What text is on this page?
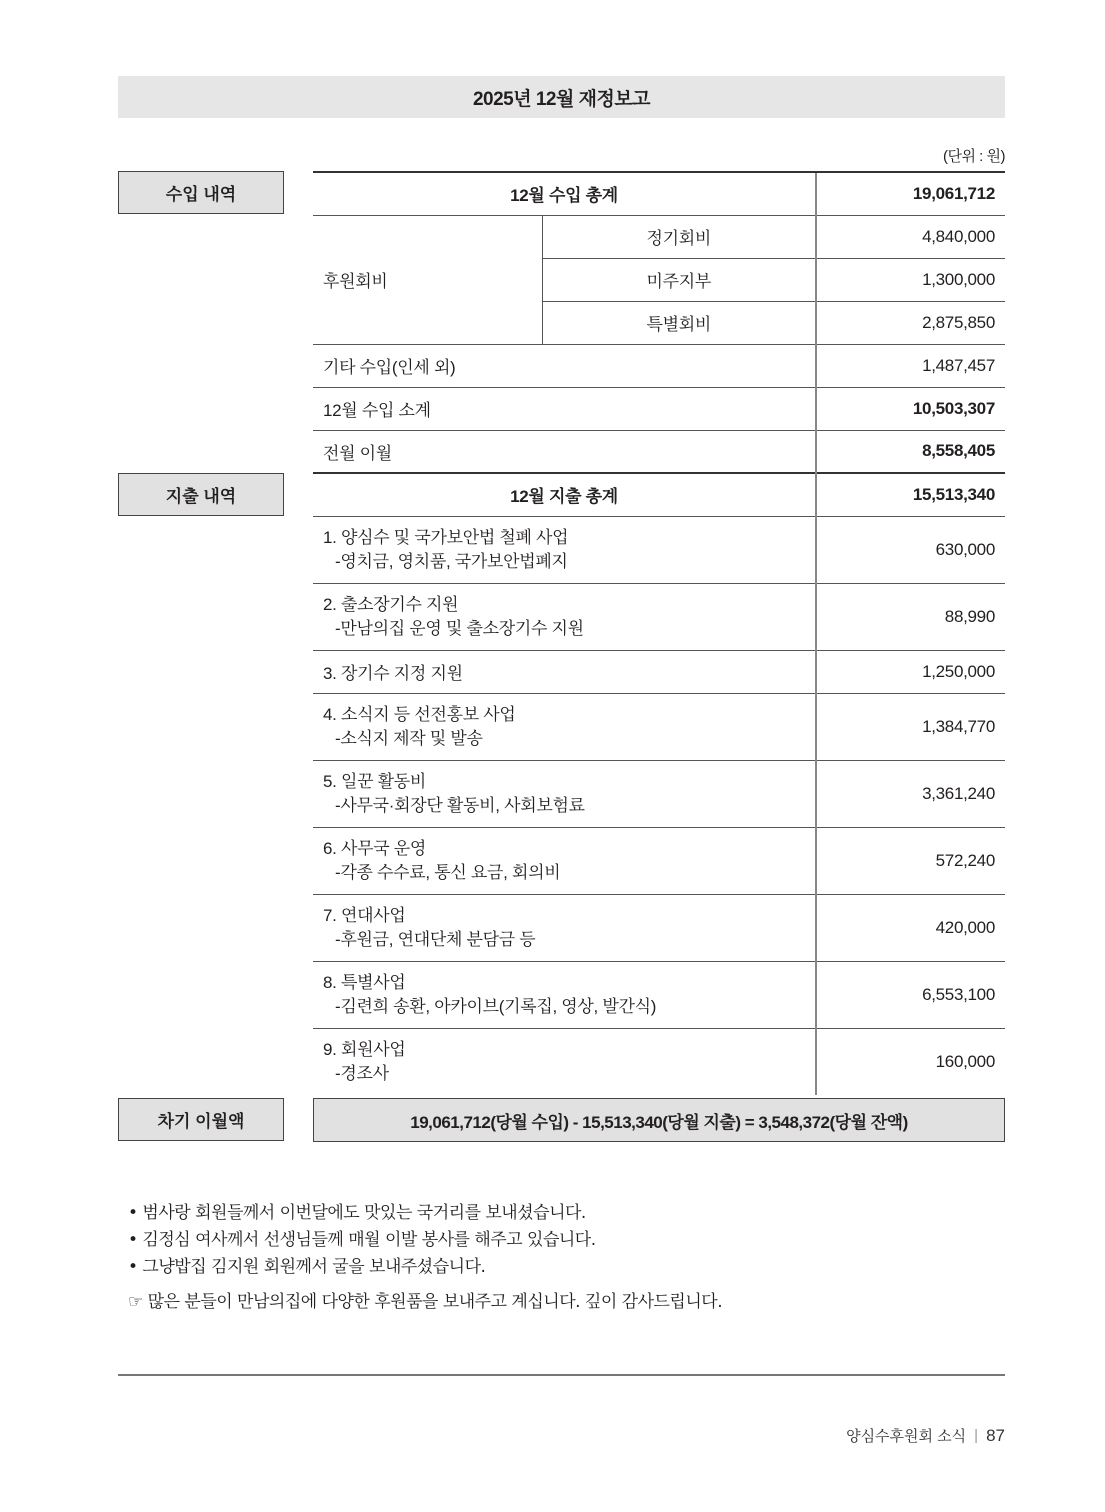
2025년 12월 재정보고
(단위 : 원)
수입 내역
지출 내역
차기 이월액
12월 수입 총계		19,061,712
후원회비	정기회비	4,840,000
	미주지부	1,300,000
	특별회비	2,875,850
기타 수입(인세 외)		1,487,457
12월 수입 소계		10,503,307
전월 이월		8,558,405
12월 지출 총계		15,513,340
1. 양심수 및 국가보안법 철폐 사업
-영치금, 영치품, 국가보안법폐지		630,000
2. 출소장기수 지원
-만남의집 운영 및 출소장기수 지원		88,990
3. 장기수 지정 지원		1,250,000
4. 소식지 등 선전홍보 사업
-소식지 제작 및 발송		1,384,770
5. 일꾼 활동비
-사무국·회장단 활동비, 사회보험료		3,361,240
6. 사무국 운영
-각종 수수료, 통신 요금, 회의비		572,240
7. 연대사업
-후원금, 연대단체 분담금 등		420,000
8. 특별사업
-김련희 송환, 아카이브(기록집, 영상, 발간식)		6,553,100
9. 회원사업
-경조사		160,000
19,061,712(당월 수입) - 15,513,340(당월 지출) = 3,548,372(당월 잔액)
• 범사랑 회원들께서 이번달에도 맛있는 국거리를 보내셨습니다.
• 김정심 여사께서 선생님들께 매월 이발 봉사를 해주고 있습니다.
• 그냥밥집 김지원 회원께서 굴을 보내주셨습니다.
☞ 많은 분들이 만남의집에 다양한 후원품을 보내주고 계십니다. 깊이 감사드립니다.
양심수후원회 소식 | 87
